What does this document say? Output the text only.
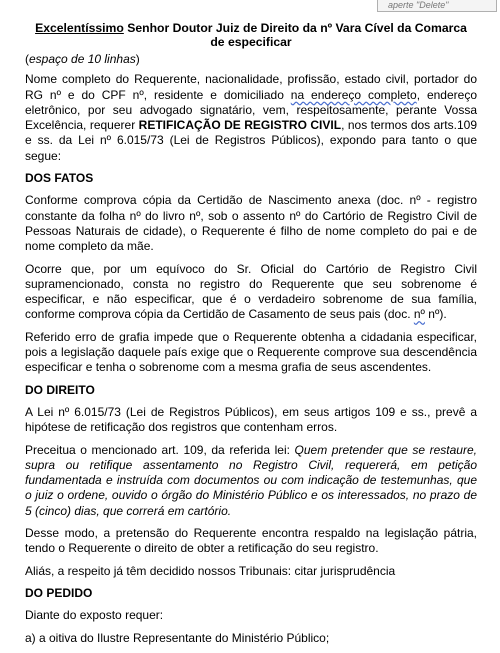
aperte "Delete"
Excelentíssimo Senhor Doutor Juiz de Direito da nº Vara Cível da Comarca
de especificar
(espaço de 10 linhas)

Nome completo do Requerente, nacionalidade, profissão, estado civil, portador do RG nº e do CPF nº, residente e domiciliado na endereço completo, endereço eletrônico, por seu advogado signatário, vem, respeitosamente, perante Vossa Excelência, requerer RETIFICAÇÃO DE REGISTRO CIVIL, nos termos dos arts.109 e ss. da Lei nº 6.015/73 (Lei de Registros Públicos), expondo para tanto o que segue:

DOS FATOS

Conforme comprova cópia da Certidão de Nascimento anexa (doc. nº - registro constante da folha nº do livro nº, sob o assento nº do Cartório de Registro Civil de Pessoas Naturais de cidade), o Requerente é filho de nome completo do pai e de nome completo da mãe.

Ocorre que, por um equívoco do Sr. Oficial do Cartório de Registro Civil supramencionado, consta no registro do Requerente que seu sobrenome é especificar, e não especificar, que é o verdadeiro sobrenome de sua família, conforme comprova cópia da Certidão de Casamento de seus pais (doc. nº nº).

Referido erro de grafia impede que o Requerente obtenha a cidadania especificar, pois a legislação daquele país exige que o Requerente comprove sua descendência especificar e tenha o sobrenome com a mesma grafia de seus ascendentes.

DO DIREITO

A Lei nº 6.015/73 (Lei de Registros Públicos), em seus artigos 109 e ss., prevê a hipótese de retificação dos registros que contenham erros.

Preceitua o mencionado art. 109, da referida lei: Quem pretender que se restaure, supra ou retifique assentamento no Registro Civil, requererá, em petição fundamentada e instruída com documentos ou com indicação de testemunhas, que o juiz o ordene, ouvido o órgão do Ministério Público e os interessados, no prazo de 5 (cinco) dias, que correrá em cartório.

Desse modo, a pretensão do Requerente encontra respaldo na legislação pátria, tendo o Requerente o direito de obter a retificação do seu registro.

Aliás, a respeito já têm decidido nossos Tribunais: citar jurisprudência

DO PEDIDO

Diante do exposto requer:

a) a oitiva do Ilustre Representante do Ministério Público;
